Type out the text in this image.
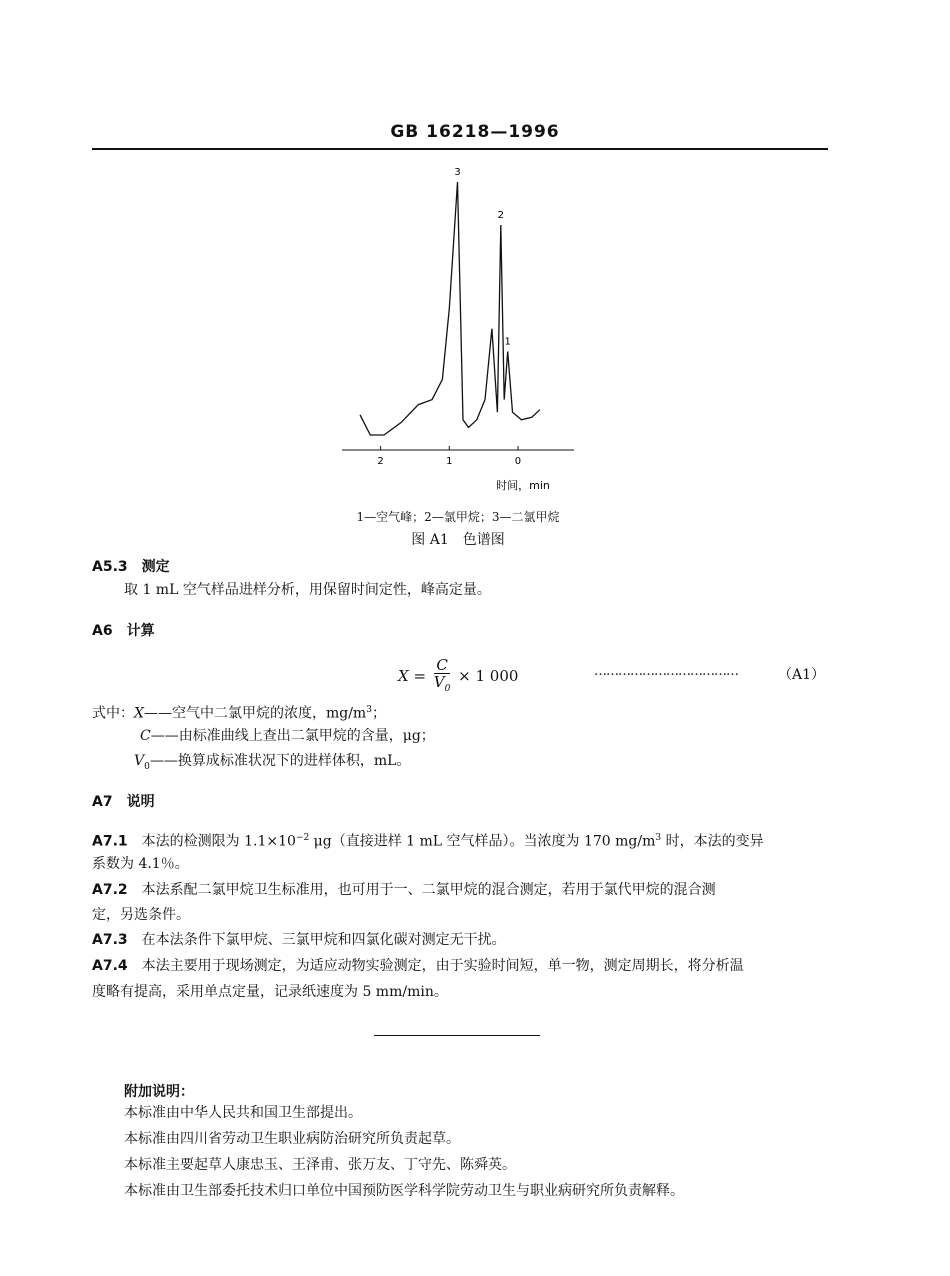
GB 16218—1996
2	1	0
3
2
1
时间，min
1—空气峰；2—氯甲烷；3—二氯甲烷
图 A1　色谱图
A5.3　测定
取 1 mL 空气样品进样分析，用保留时间定性，峰高定量。
A6　计算
$X = \frac{C}{V_0} \times 1$ 000	………………………………	（A1）
式中：X——空气中二氯甲烷的浓度，$mg/m^3$；
C——由标准曲线上查出二氯甲烷的含量，μg；
$V_0——$换算成标准状况下的进样体积，mL。
A7　说明
A7.1　 本法的检测限为 $1.1\times 10^{-2}$ μg（直接进样 1 mL 空气样品）。当浓度为 170 $mg/m^3$ 时，本法的变异
系数为 4.1％。
A7.2　 本法系配二氯甲烷卫生标准用，也可用于一、二氯甲烷的混合测定，若用于氯代甲烷的混合测
定，另选条件。
A7.3　 在本法条件下氯甲烷、三氯甲烷和四氯化碳对测定无干扰。
A7.4　 本法主要用于现场测定，为适应动物实验测定，由于实验时间短，单一物，测定周期长，将分析温
度略有提高，采用单点定量，记录纸速度为 5 mm/min。
附加说明：
本标准由中华人民共和国卫生部提出。
本标准由四川省劳动卫生职业病防治研究所负责起草。
本标准主要起草人康忠玉、王泽甫、张万友、丁守先、陈舜英。
本标准由卫生部委托技术归口单位中国预防医学科学院劳动卫生与职业病研究所负责解释。
